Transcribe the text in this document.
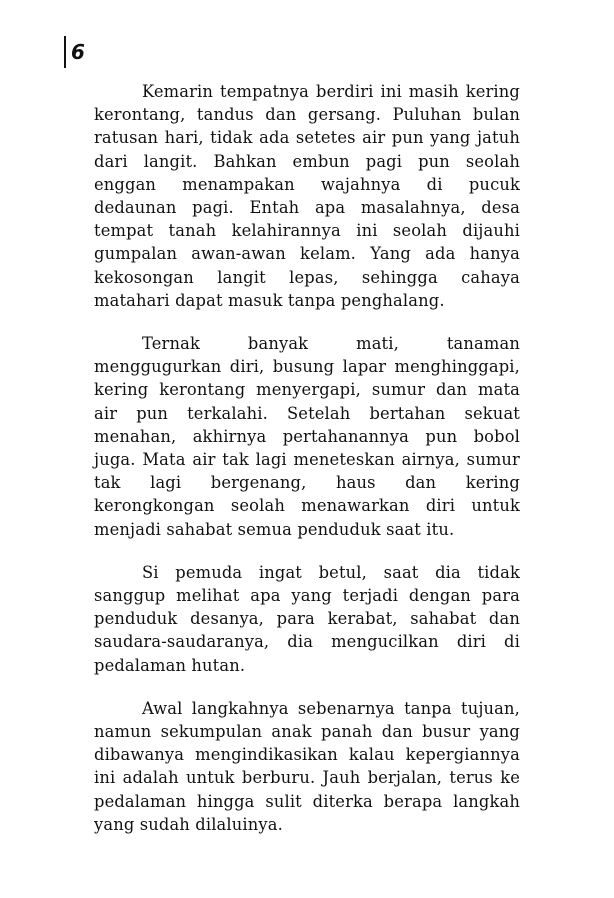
6

Kemarin tempatnya berdiri ini masih kering kerontang, tandus dan gersang. Puluhan bulan ratusan hari, tidak ada setetes air pun yang jatuh dari langit. Bahkan embun pagi pun seolah enggan menampakan wajahnya di pucuk dedaunan pagi. Entah apa masalahnya, desa tempat tanah kelahirannya ini seolah dijauhi gumpalan awan-awan kelam. Yang ada hanya kekosongan langit lepas, sehingga cahaya matahari dapat masuk tanpa penghalang.

Ternak banyak mati, tanaman menggugurkan diri, busung lapar menghinggapi, kering kerontang menyergapi, sumur dan mata air pun terkalahi. Setelah bertahan sekuat menahan, akhirnya pertahanannya pun bobol juga. Mata air tak lagi meneteskan airnya, sumur tak lagi bergenang, haus dan kering kerongkongan seolah menawarkan diri untuk menjadi sahabat semua penduduk saat itu.

Si pemuda ingat betul, saat dia tidak sanggup melihat apa yang terjadi dengan para penduduk desanya, para kerabat, sahabat dan saudara-saudaranya, dia mengucilkan diri di pedalaman hutan.

Awal langkahnya sebenarnya tanpa tujuan, namun sekumpulan anak panah dan busur yang dibawanya mengindikasikan kalau kepergiannya ini adalah untuk berburu. Jauh berjalan, terus ke pedalaman hingga sulit diterka berapa langkah yang sudah dilaluinya.
